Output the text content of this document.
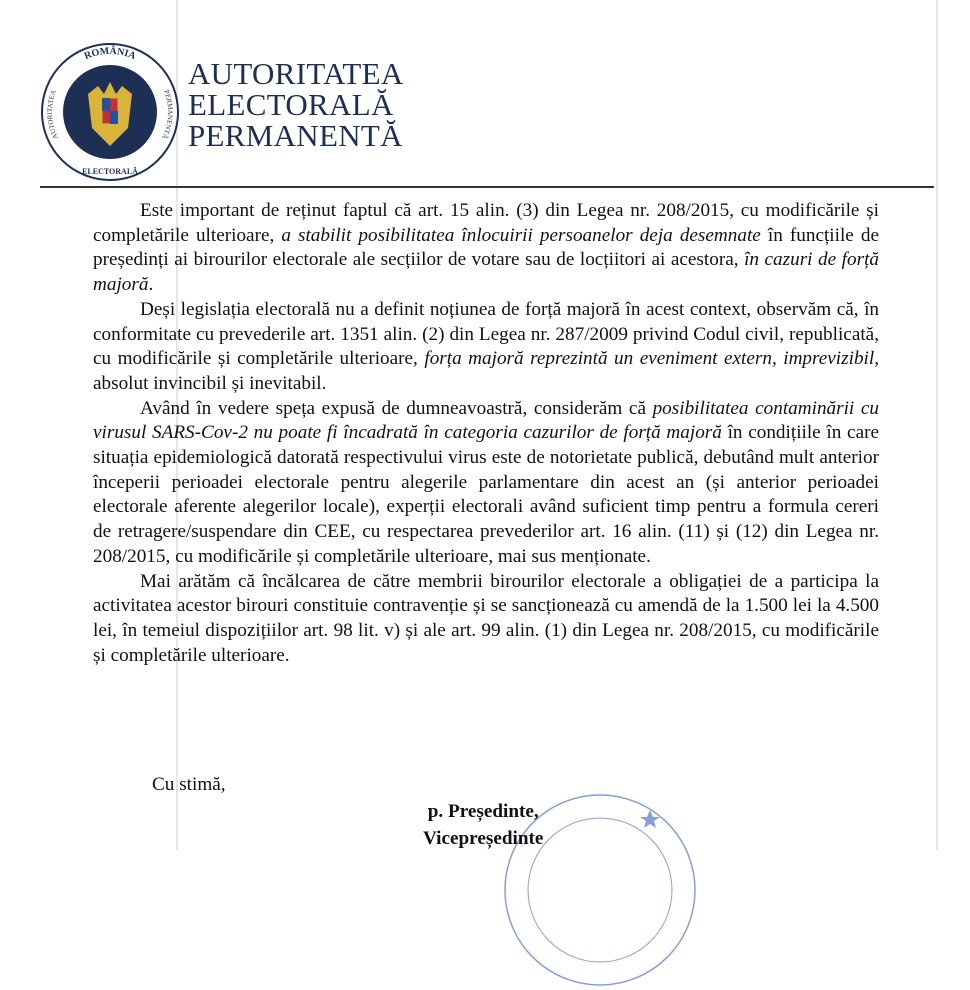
ROMÂNIA
AUTORITATEA	PERMANENTĂ
ELECTORALĂ
AUTORITATEA
ELECTORALĂ
PERMANENTĂ

Este important de reținut faptul că art. 15 alin. (3) din Legea nr. 208/2015, cu modificările și completările ulterioare, a stabilit posibilitatea înlocuirii persoanelor deja desemnate în funcțiile de președinți ai birourilor electorale ale secțiilor de votare sau de locțiitori ai acestora, în cazuri de forță majoră.

Deși legislația electorală nu a definit noțiunea de forță majoră în acest context, observăm că, în conformitate cu prevederile art. 1351 alin. (2) din Legea nr. 287/2009 privind Codul civil, republicată, cu modificările și completările ulterioare, forța majoră reprezintă un eveniment extern, imprevizibil, absolut invincibil și inevitabil.

Având în vedere speța expusă de dumneavoastră, considerăm că posibilitatea contaminării cu virusul SARS-Cov-2 nu poate fi încadrată în categoria cazurilor de forță majoră în condițiile în care situația epidemiologică datorată respectivului virus este de notorietate publică, debutând mult anterior începerii perioadei electorale pentru alegerile parlamentare din acest an (și anterior perioadei electorale aferente alegerilor locale), experții electorali având suficient timp pentru a formula cereri de retragere/suspendare din CEE, cu respectarea prevederilor art. 16 alin. (11) și (12) din Legea nr. 208/2015, cu modificările și completările ulterioare, mai sus menționate.

Mai arătăm că încălcarea de către membrii birourilor electorale a obligației de a participa la activitatea acestor birouri constituie contravenție și se sancționează cu amendă de la 1.500 lei la 4.500 lei, în temeiul dispozițiilor art. 98 lit. v) și ale art. 99 alin. (1) din Legea nr. 208/2015, cu modificările și completările ulterioare.

Cu stimă,
p. Președinte,
Vicepreședinte
